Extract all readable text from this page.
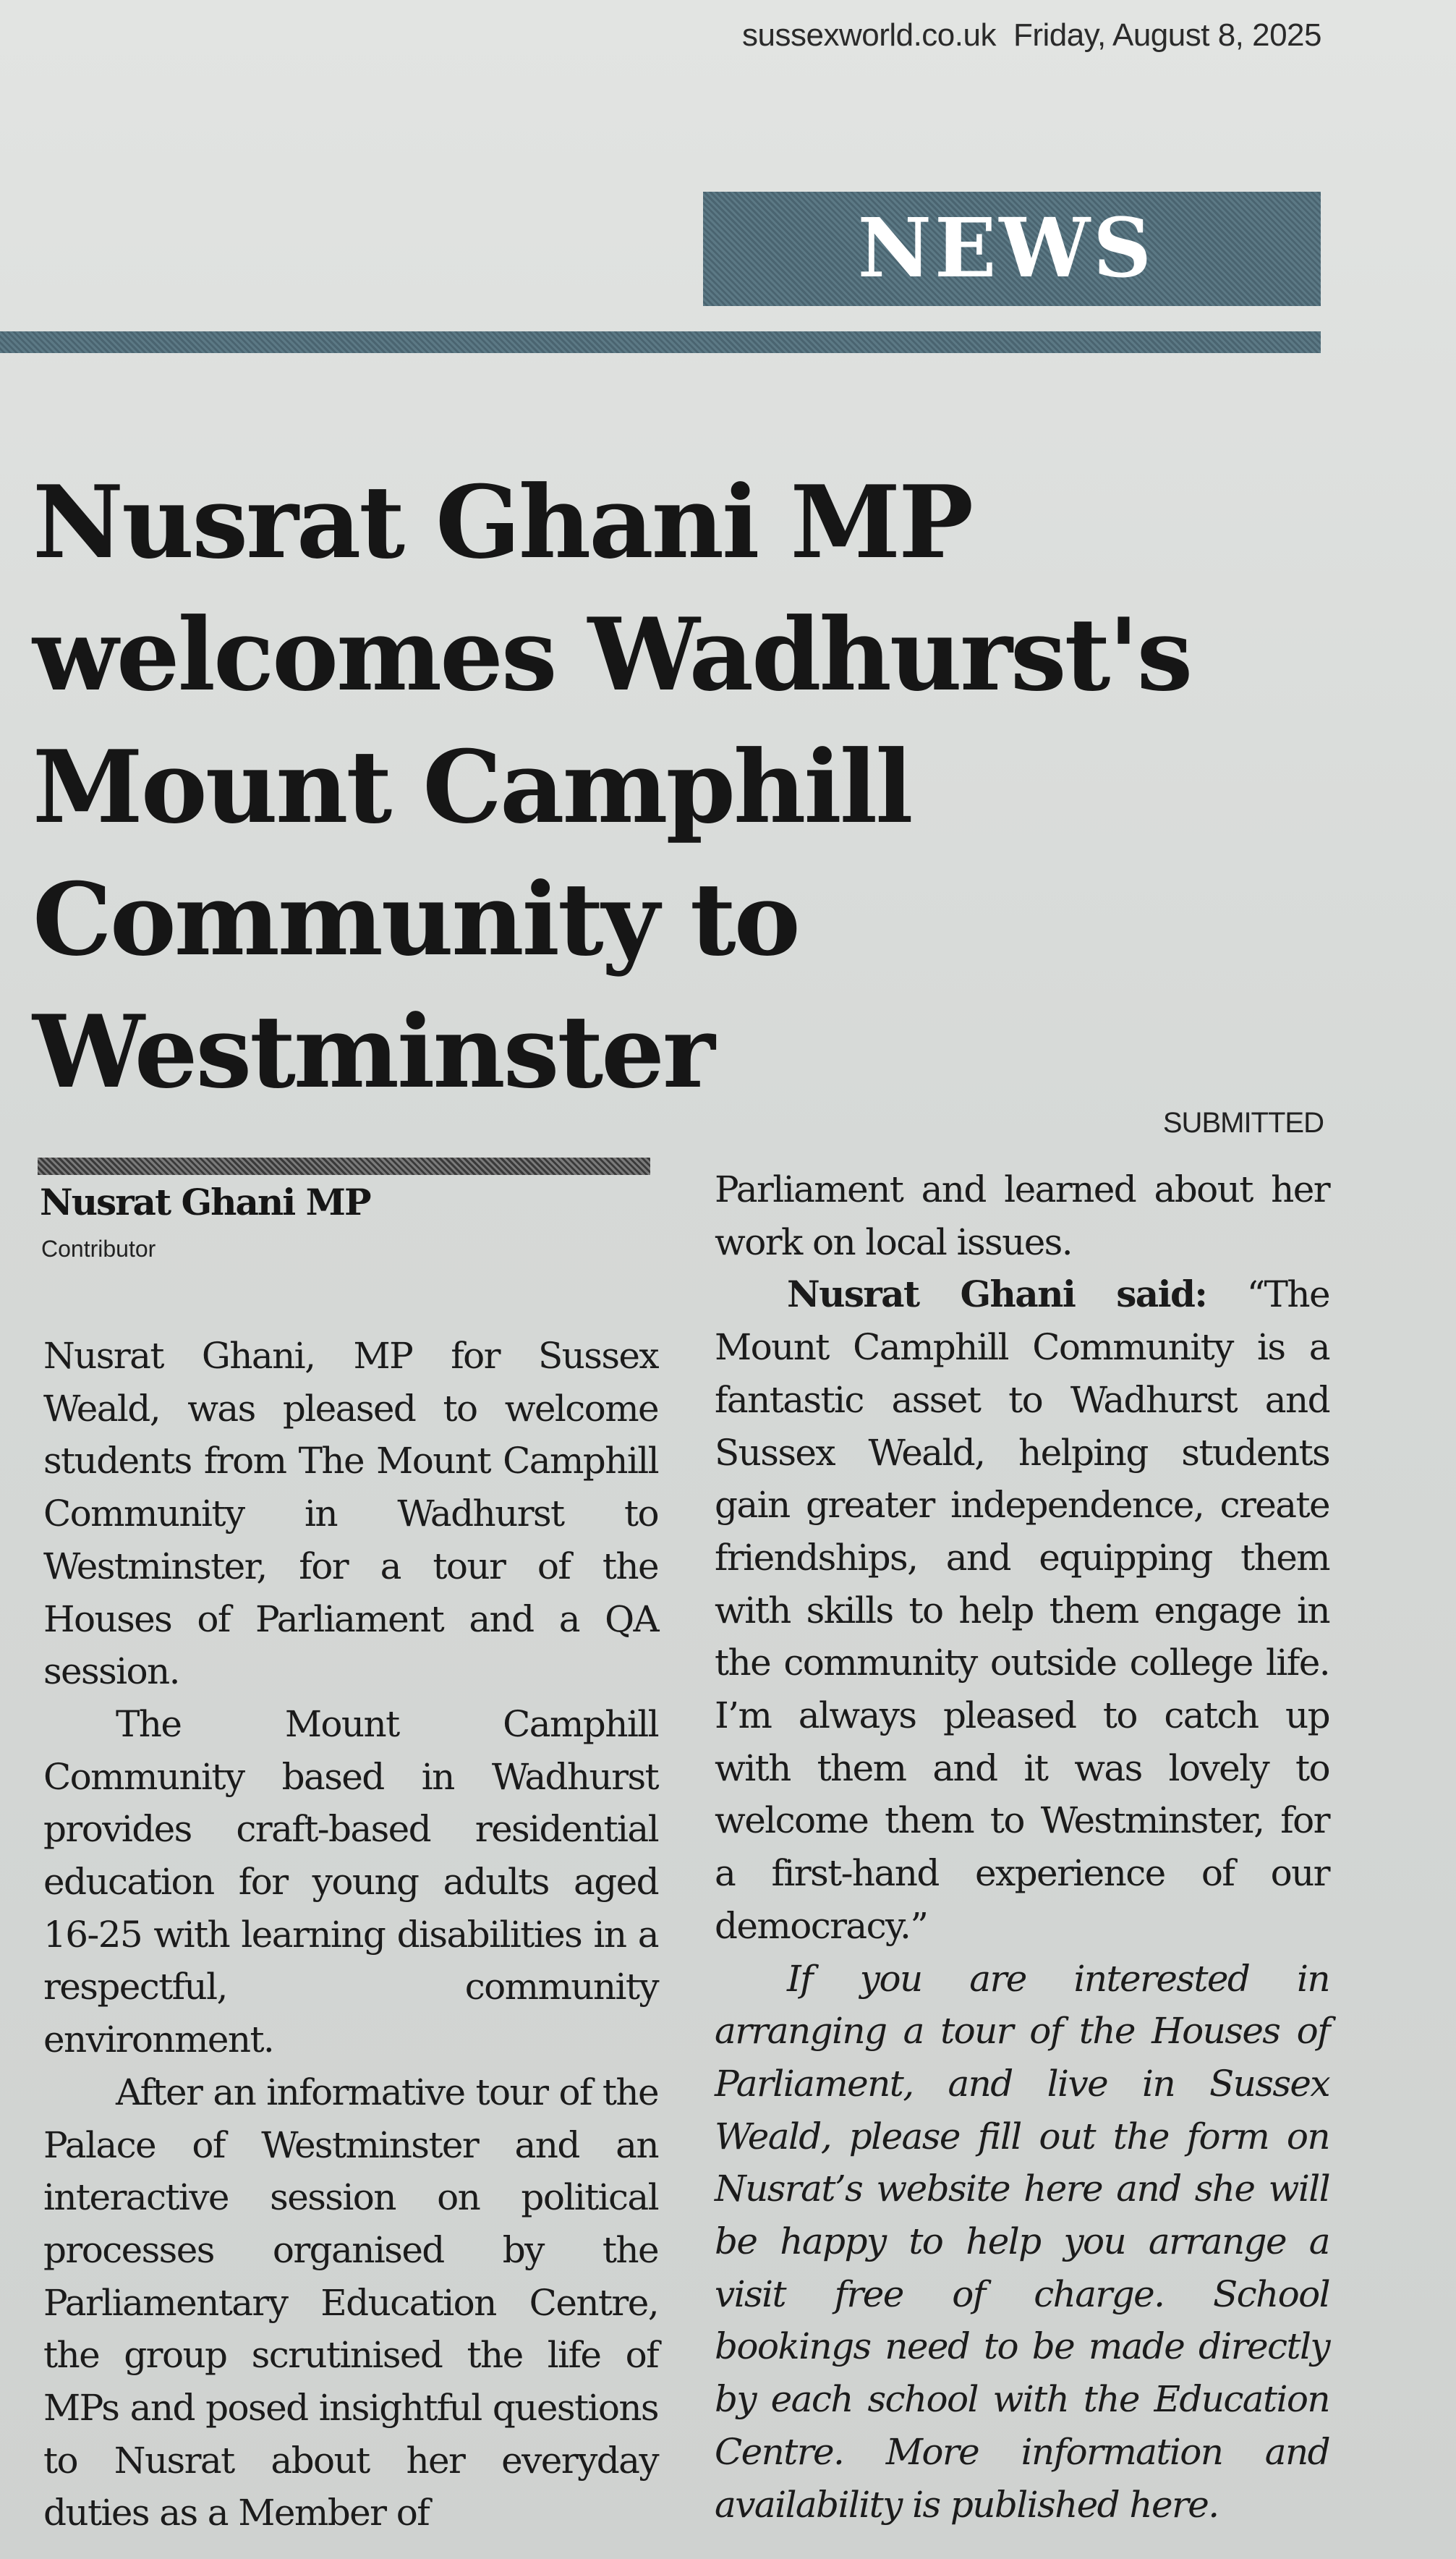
sussexworld.co.uk Friday, August 8, 2025
NEWS
Nusrat Ghani MP
welcomes Wadhurst's
Mount Camphill
Community to
Westminster
SUBMITTED
Nusrat Ghani MP
Contributor

Nusrat Ghani, MP for Sussex Weald, was pleased to welcome students from The Mount Camphill Community in Wadhurst to Westminster, for a tour of the Houses of Parliament and a QA session.

The Mount Camphill Community based in Wadhurst provides craft-based residential education for young adults aged 16-25 with learning disabilities in a respectful, community environment.

After an informative tour of the Palace of Westminster and an interactive session on political processes organised by the Parliamentary Education Centre, the group scrutinised the life of MPs and posed insightful questions to Nusrat about her everyday duties as a Member of

Parliament and learned about her work on local issues.

Nusrat Ghani said: “The Mount Camphill Community is a fantastic asset to Wadhurst and Sussex Weald, helping students gain greater independence, create friendships, and equipping them with skills to help them engage in the community outside college life. I’m always pleased to catch up with them and it was lovely to welcome them to Westminster, for a first-hand experience of our democracy.”

If you are interested in arranging a tour of the Houses of Parliament, and live in Sussex Weald, please fill out the form on Nusrat’s website here and she will be happy to help you arrange a visit free of charge. School bookings need to be made directly by each school with the Education Centre. More information and availability is published here.
